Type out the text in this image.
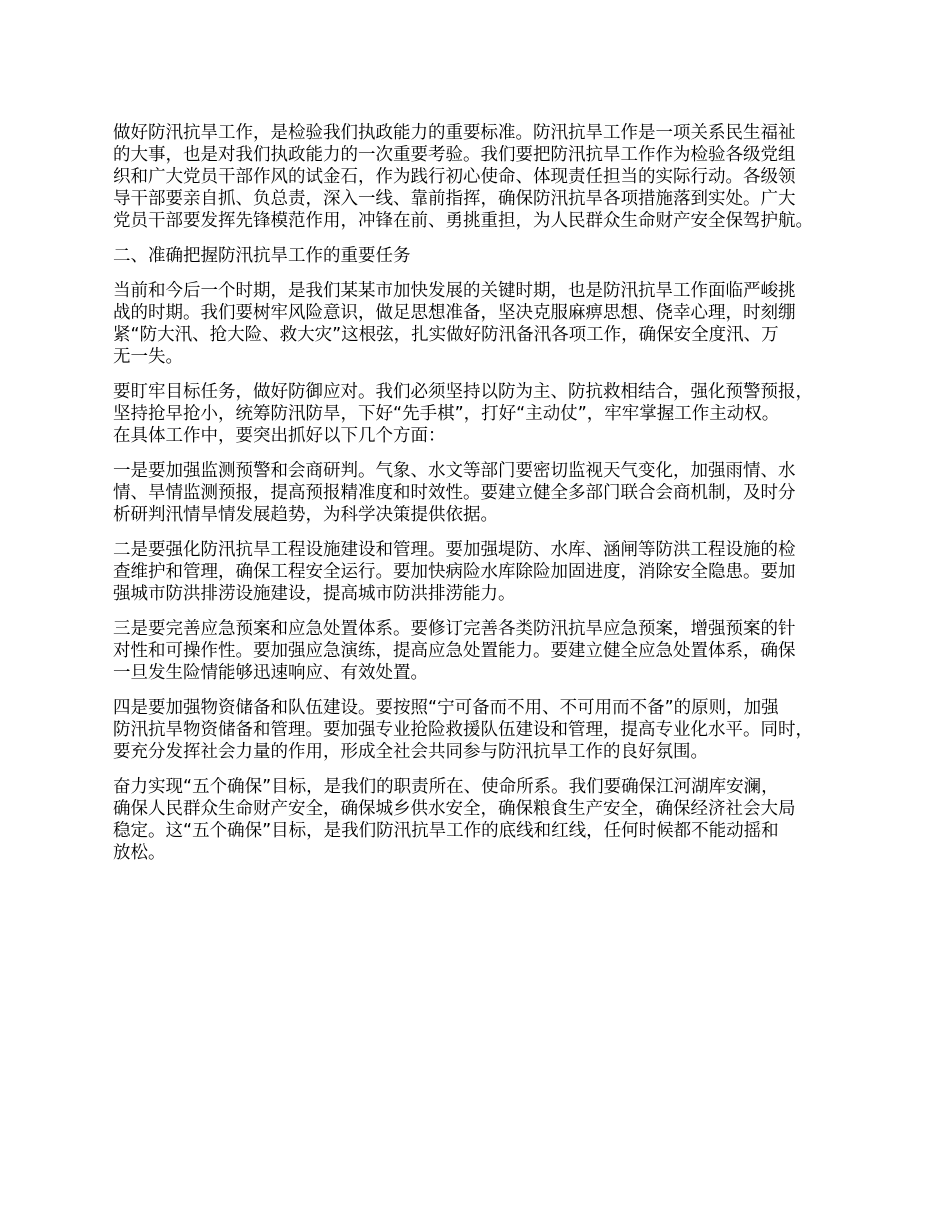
做好防汛抗旱工作，是检验我们执政能力的重要标准。防汛抗旱工作是一项关系民生福祉
的大事，也是对我们执政能力的一次重要考验。我们要把防汛抗旱工作作为检验各级党组
织和广大党员干部作风的试金石，作为践行初心使命、体现责任担当的实际行动。各级领
导干部要亲自抓、负总责，深入一线、靠前指挥，确保防汛抗旱各项措施落到实处。广大
党员干部要发挥先锋模范作用，冲锋在前、勇挑重担，为人民群众生命财产安全保驾护航。

二、准确把握防汛抗旱工作的重要任务

当前和今后一个时期，是我们某某市加快发展的关键时期，也是防汛抗旱工作面临严峻挑
战的时期。我们要树牢风险意识，做足思想准备，坚决克服麻痹思想、侥幸心理，时刻绷
紧“防大汛、抢大险、救大灾”这根弦，扎实做好防汛备汛各项工作，确保安全度汛、万
无一失。

要盯牢目标任务，做好防御应对。我们必须坚持以防为主、防抗救相结合，强化预警预报，
坚持抢早抢小，统筹防汛防旱，下好“先手棋”，打好“主动仗”，牢牢掌握工作主动权。
在具体工作中，要突出抓好以下几个方面：

一是要加强监测预警和会商研判。气象、水文等部门要密切监视天气变化，加强雨情、水
情、旱情监测预报，提高预报精准度和时效性。要建立健全多部门联合会商机制，及时分
析研判汛情旱情发展趋势，为科学决策提供依据。

二是要强化防汛抗旱工程设施建设和管理。要加强堤防、水库、涵闸等防洪工程设施的检
查维护和管理，确保工程安全运行。要加快病险水库除险加固进度，消除安全隐患。要加
强城市防洪排涝设施建设，提高城市防洪排涝能力。

三是要完善应急预案和应急处置体系。要修订完善各类防汛抗旱应急预案，增强预案的针
对性和可操作性。要加强应急演练，提高应急处置能力。要建立健全应急处置体系，确保
一旦发生险情能够迅速响应、有效处置。

四是要加强物资储备和队伍建设。要按照“宁可备而不用、不可用而不备”的原则，加强
防汛抗旱物资储备和管理。要加强专业抢险救援队伍建设和管理，提高专业化水平。同时，
要充分发挥社会力量的作用，形成全社会共同参与防汛抗旱工作的良好氛围。

奋力实现“五个确保”目标，是我们的职责所在、使命所系。我们要确保江河湖库安澜，
确保人民群众生命财产安全，确保城乡供水安全，确保粮食生产安全，确保经济社会大局
稳定。这“五个确保”目标，是我们防汛抗旱工作的底线和红线，任何时候都不能动摇和
放松。
